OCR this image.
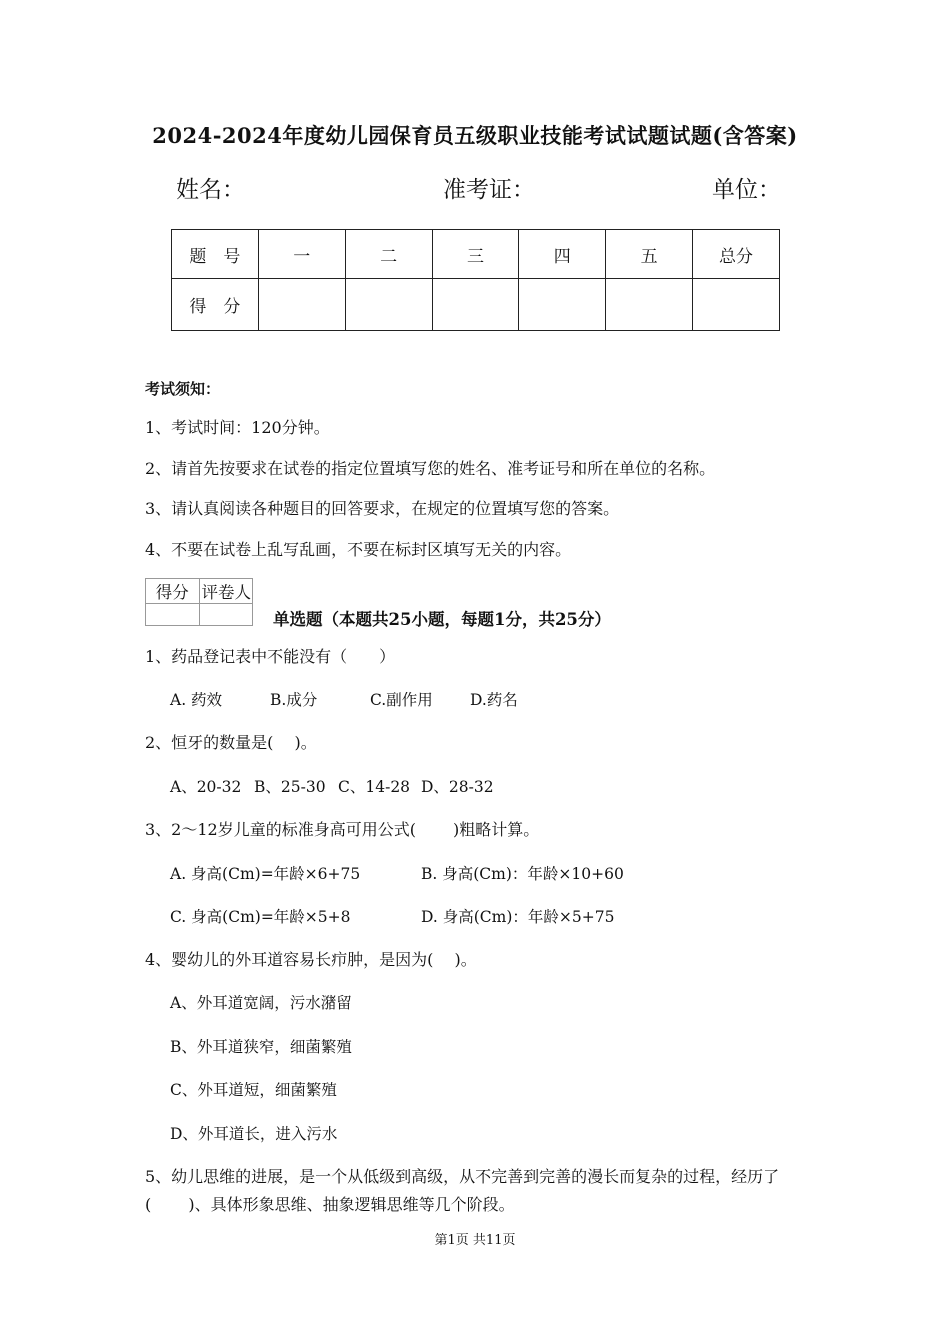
2024-2024年度幼儿园保育员五级职业技能考试试题试题(含答案)
姓名：	准考证：	单位：
题　号	一	二	三	四	五	总分
得　分						
考试须知：
1、考试时间：120分钟。
2、请首先按要求在试卷的指定位置填写您的姓名、准考证号和所在单位的名称。
3、请认真阅读各种题目的回答要求，在规定的位置填写您的答案。
4、不要在试卷上乱写乱画，不要在标封区填写无关的内容。
得分	评卷人

单选题（本题共25小题，每题1分，共25分）
1、药品登记表中不能没有（　　）
A. 药效	B.成分	C.副作用 D.药名
2、恒牙的数量是(　 )。
A、20-32 B、25-30 C、14-28 D、28-32
3、2～12岁儿童的标准身高可用公式(　　 )粗略计算。
A. 身高(Cm)=年龄×6+75	B. 身高(Cm)：年龄×10+60
C. 身高(Cm)=年龄×5+8	D. 身高(Cm)：年龄×5+75
4、婴幼儿的外耳道容易长疖肿，是因为(　 )。
A、外耳道宽阔，污水潴留
B、外耳道狭窄，细菌繁殖
C、外耳道短，细菌繁殖
D、外耳道长，进入污水
5、幼儿思维的进展，是一个从低级到高级，从不完善到完善的漫长而复杂的过程，经历了
(　　 )、具体形象思维、抽象逻辑思维等几个阶段。
第1页 共11页
